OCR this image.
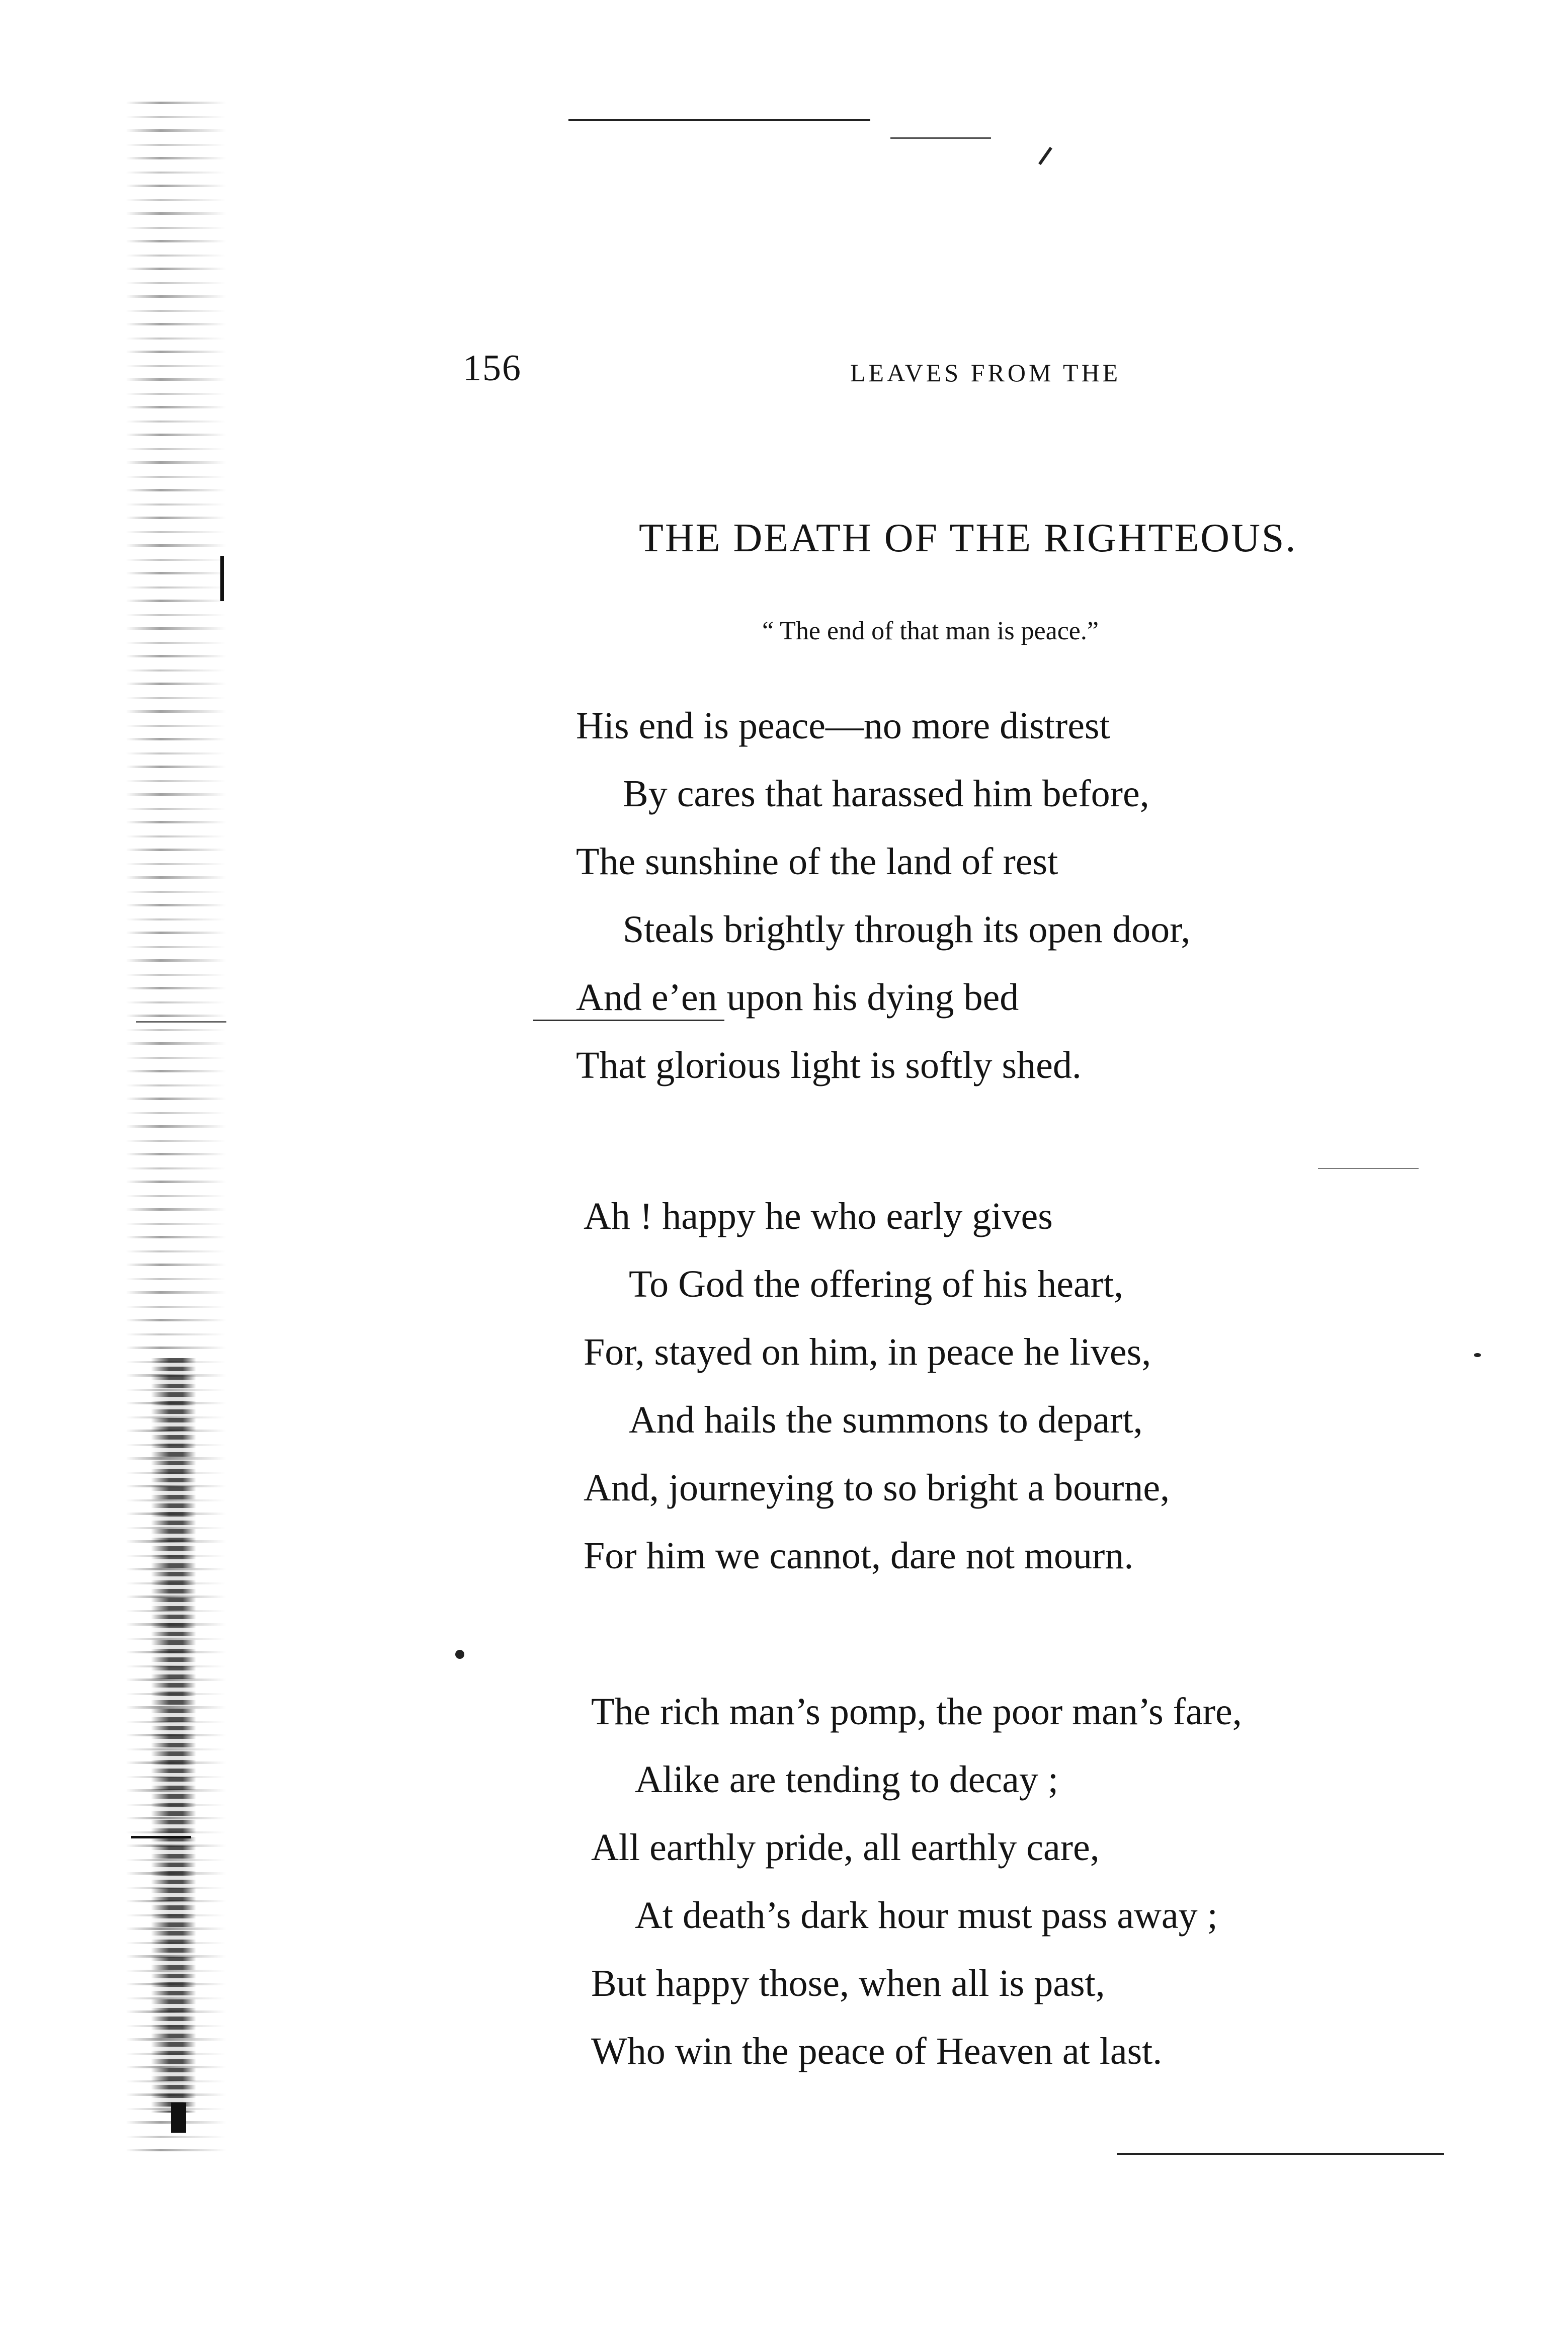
156	LEAVES FROM THE
THE DEATH OF THE RIGHTEOUS.
“ The end of that man is peace.”
His end is peace—no more distrest
By cares that harassed him before,
The sunshine of the land of rest
Steals brightly through its open door,
And e’en upon his dying bed
That glorious light is softly shed.
Ah ! happy he who early gives
To God the offering of his heart,
For, stayed on him, in peace he lives,
And hails the summons to depart,
And, journeying to so bright a bourne,
For him we cannot, dare not mourn.
The rich man’s pomp, the poor man’s fare,
Alike are tending to decay ;
All earthly pride, all earthly care,
At death’s dark hour must pass away ;
But happy those, when all is past,
Who win the peace of Heaven at last.
